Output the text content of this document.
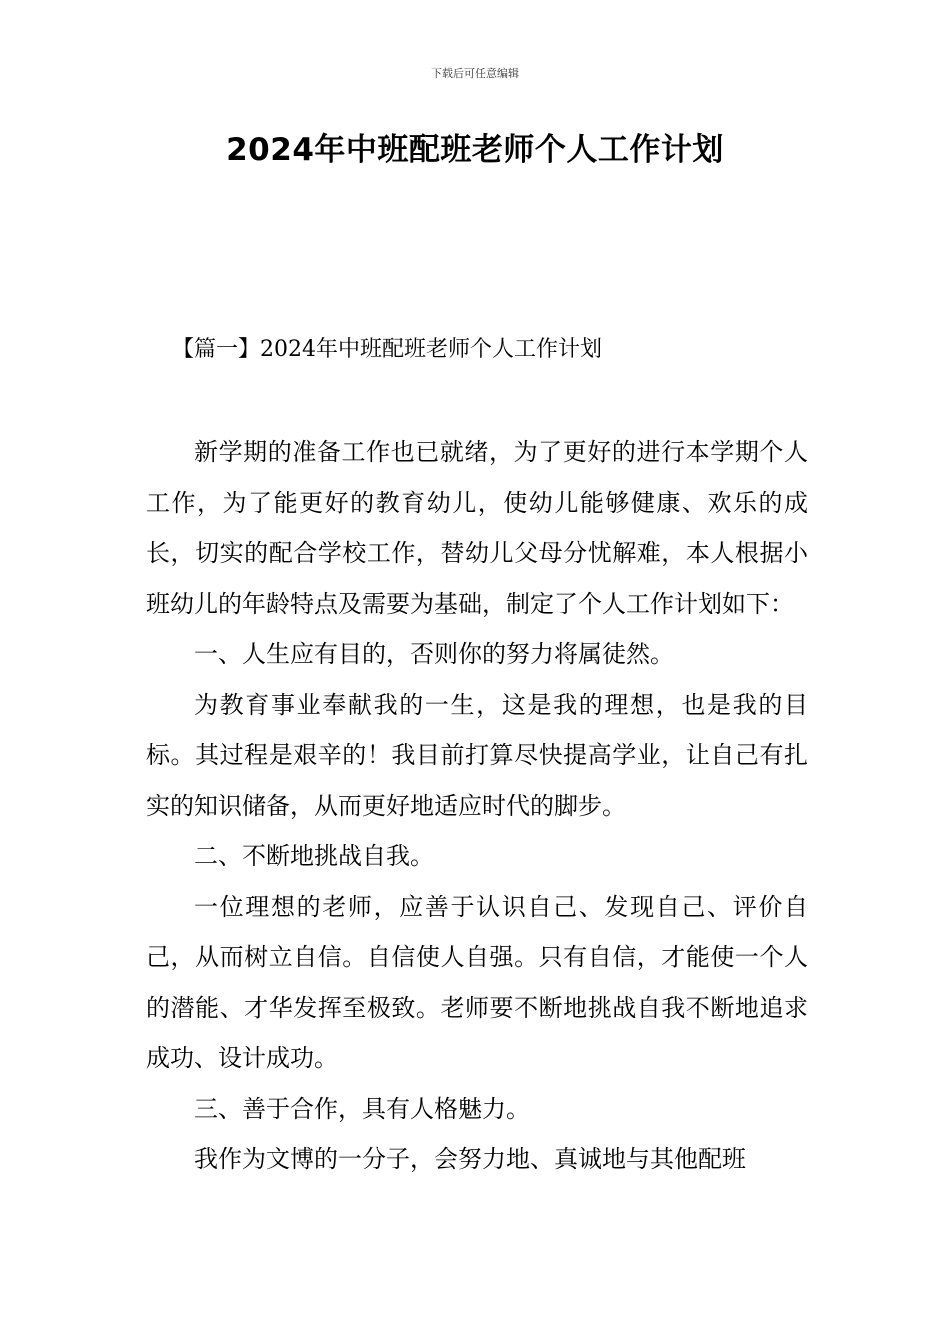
下载后可任意编辑
2024年中班配班老师个人工作计划
【篇一】2024年中班配班老师个人工作计划

新学期的准备工作也已就绪，为了更好的进行本学期个人工作，为了能更好的教育幼儿，使幼儿能够健康、欢乐的成长，切实的配合学校工作，替幼儿父母分忧解难，本人根据小班幼儿的年龄特点及需要为基础，制定了个人工作计划如下：

一、人生应有目的，否则你的努力将属徒然。

为教育事业奉献我的一生，这是我的理想，也是我的目标。其过程是艰辛的！我目前打算尽快提高学业，让自己有扎实的知识储备，从而更好地适应时代的脚步。

二、不断地挑战自我。

一位理想的老师，应善于认识自己、发现自己、评价自己，从而树立自信。自信使人自强。只有自信，才能使一个人的潜能、才华发挥至极致。老师要不断地挑战自我不断地追求成功、设计成功。

三、善于合作，具有人格魅力。

我作为文博的一分子，会努力地、真诚地与其他配班
